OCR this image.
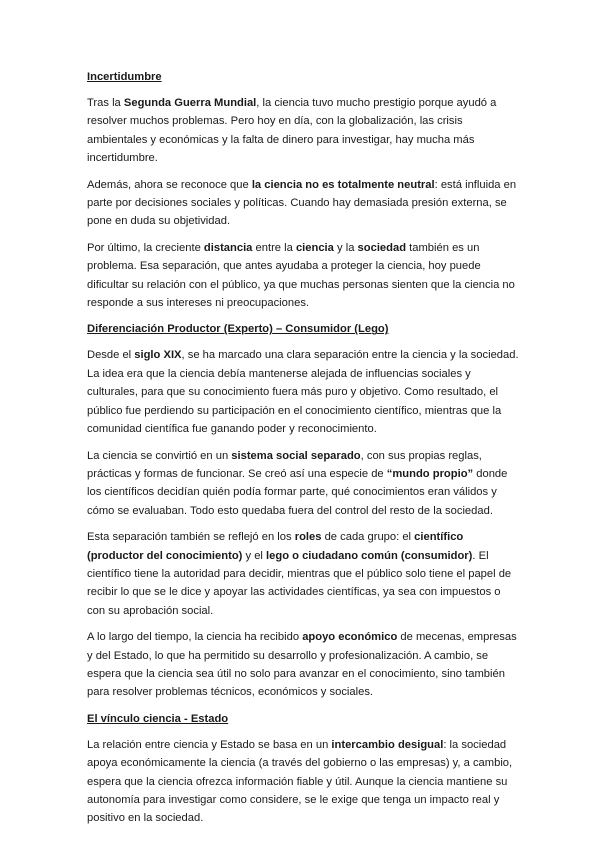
Incertidumbre

Tras la Segunda Guerra Mundial, la ciencia tuvo mucho prestigio porque ayudó a resolver muchos problemas. Pero hoy en día, con la globalización, las crisis ambientales y económicas y la falta de dinero para investigar, hay mucha más incertidumbre.

Además, ahora se reconoce que la ciencia no es totalmente neutral: está influida en parte por decisiones sociales y políticas. Cuando hay demasiada presión externa, se pone en duda su objetividad.

Por último, la creciente distancia entre la ciencia y la sociedad también es un problema. Esa separación, que antes ayudaba a proteger la ciencia, hoy puede dificultar su relación con el público, ya que muchas personas sienten que la ciencia no responde a sus intereses ni preocupaciones.

Diferenciación Productor (Experto) – Consumidor (Lego)

Desde el siglo XIX, se ha marcado una clara separación entre la ciencia y la sociedad. La idea era que la ciencia debía mantenerse alejada de influencias sociales y culturales, para que su conocimiento fuera más puro y objetivo. Como resultado, el público fue perdiendo su participación en el conocimiento científico, mientras que la comunidad científica fue ganando poder y reconocimiento.

La ciencia se convirtió en un sistema social separado, con sus propias reglas, prácticas y formas de funcionar. Se creó así una especie de “mundo propio” donde los científicos decidían quién podía formar parte, qué conocimientos eran válidos y cómo se evaluaban. Todo esto quedaba fuera del control del resto de la sociedad.

Esta separación también se reflejó en los roles de cada grupo: el científico (productor del conocimiento) y el lego o ciudadano común (consumidor). El científico tiene la autoridad para decidir, mientras que el público solo tiene el papel de recibir lo que se le dice y apoyar las actividades científicas, ya sea con impuestos o con su aprobación social.

A lo largo del tiempo, la ciencia ha recibido apoyo económico de mecenas, empresas y del Estado, lo que ha permitido su desarrollo y profesionalización. A cambio, se espera que la ciencia sea útil no solo para avanzar en el conocimiento, sino también para resolver problemas técnicos, económicos y sociales.

El vínculo ciencia - Estado

La relación entre ciencia y Estado se basa en un intercambio desigual: la sociedad apoya económicamente la ciencia (a través del gobierno o las empresas) y, a cambio, espera que la ciencia ofrezca información fiable y útil. Aunque la ciencia mantiene su autonomía para investigar como considere, se le exige que tenga un impacto real y positivo en la sociedad.
